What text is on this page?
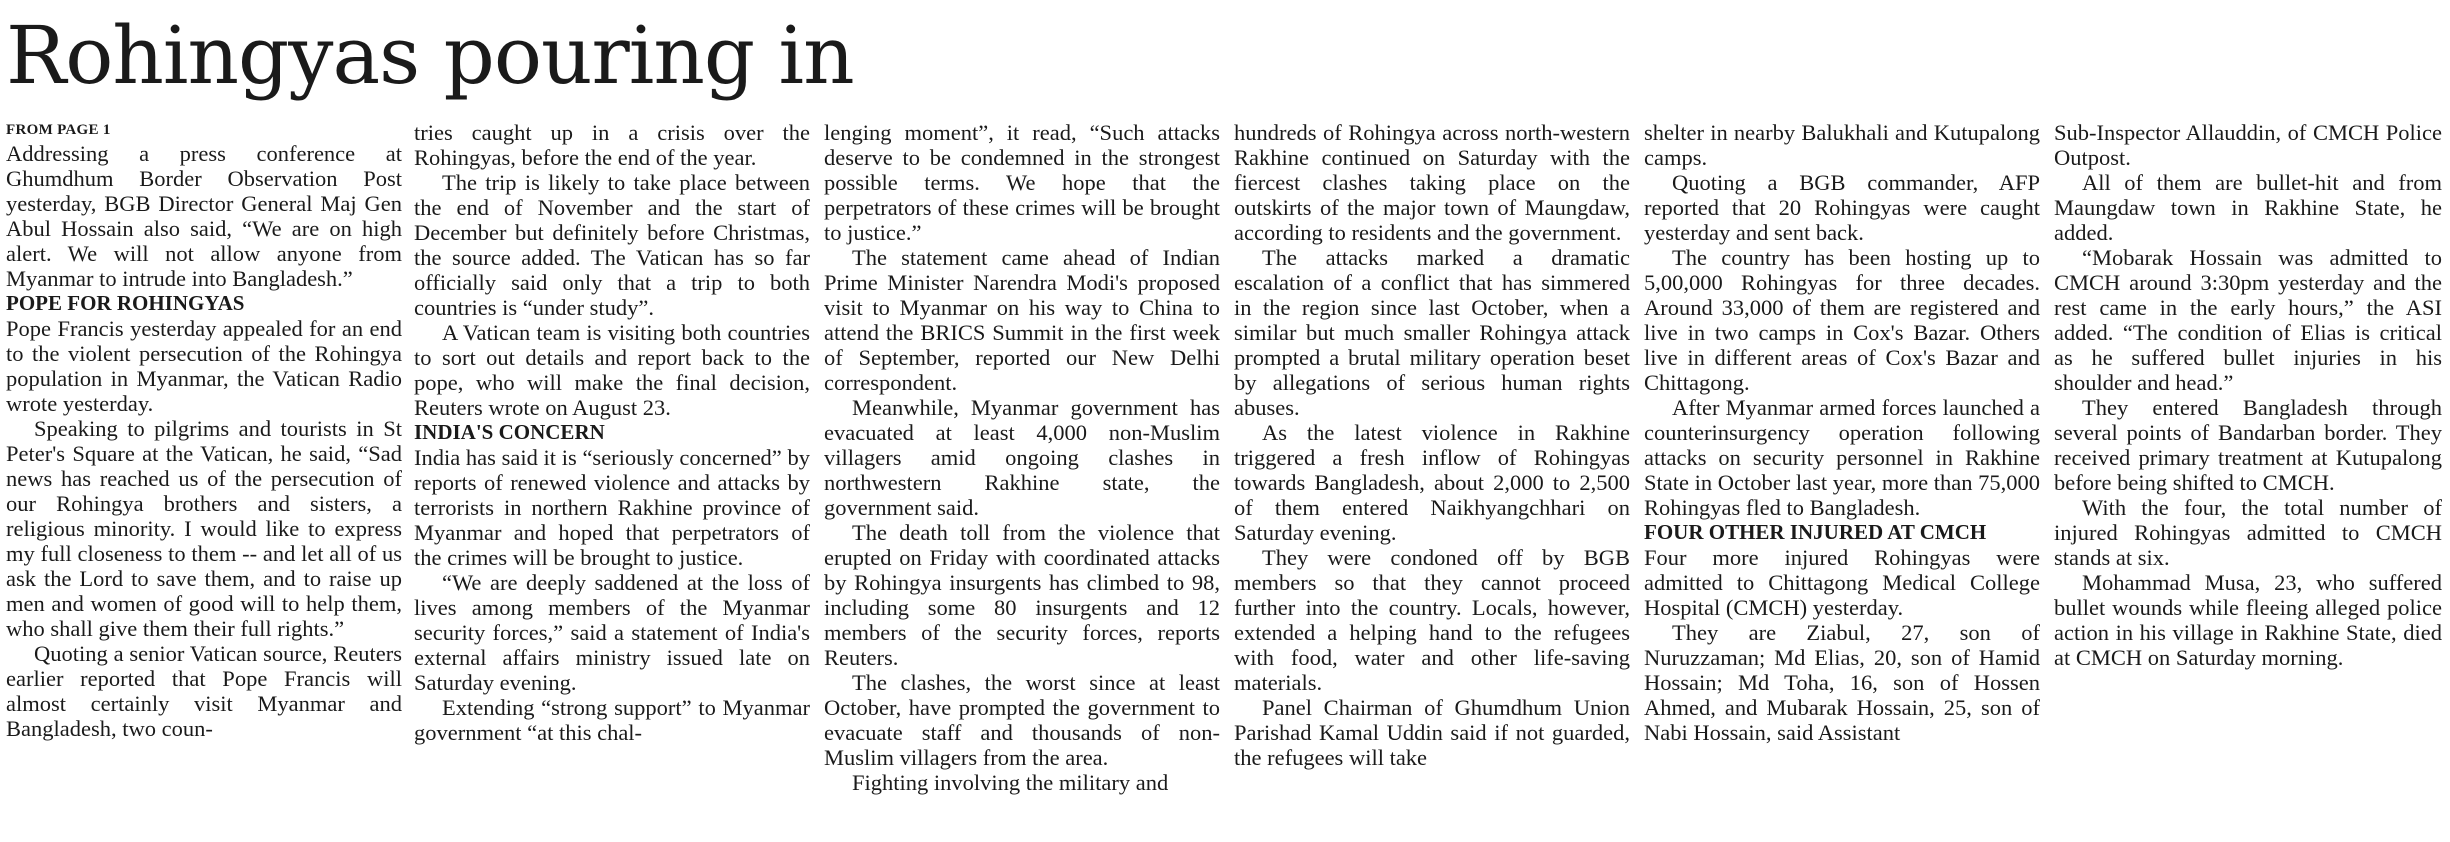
Rohingyas pouring in
FROM PAGE 1

Addressing a press conference at Ghumdhum Border Observation Post yesterday, BGB Director General Maj Gen Abul Hossain also said, “We are on high alert. We will not allow anyone from Myanmar to intrude into Bangladesh.”

POPE FOR ROHINGYAS

Pope Francis yesterday appealed for an end to the violent persecution of the Rohingya population in Myanmar, the Vatican Radio wrote yesterday.

Speaking to pilgrims and tourists in St Peter's Square at the Vatican, he said, “Sad news has reached us of the persecution of our Rohingya brothers and sisters, a religious minority. I would like to express my full closeness to them -- and let all of us ask the Lord to save them, and to raise up men and women of good will to help them, who shall give them their full rights.”

Quoting a senior Vatican source, Reuters earlier reported that Pope Francis will almost certainly visit Myanmar and Bangladesh, two coun-

tries caught up in a crisis over the Rohingyas, before the end of the year.

The trip is likely to take place between the end of November and the start of December but definitely before Christmas, the source added. The Vatican has so far officially said only that a trip to both countries is “under study”.

A Vatican team is visiting both countries to sort out details and report back to the pope, who will make the final decision, Reuters wrote on August 23.

INDIA'S CONCERN

India has said it is “seriously concerned” by reports of renewed violence and attacks by terrorists in northern Rakhine province of Myanmar and hoped that perpetrators of the crimes will be brought to justice.

“We are deeply saddened at the loss of lives among members of the Myanmar security forces,” said a statement of India's external affairs ministry issued late on Saturday evening.

Extending “strong support” to Myanmar government “at this chal-

lenging moment”, it read, “Such attacks deserve to be condemned in the strongest possible terms. We hope that the perpetrators of these crimes will be brought to justice.”

The statement came ahead of Indian Prime Minister Narendra Modi's proposed visit to Myanmar on his way to China to attend the BRICS Summit in the first week of September, reported our New Delhi correspondent.

Meanwhile, Myanmar government has evacuated at least 4,000 non-Muslim villagers amid ongoing clashes in northwestern Rakhine state, the government said.

The death toll from the violence that erupted on Friday with coordinated attacks by Rohingya insurgents has climbed to 98, including some 80 insurgents and 12 members of the security forces, reports Reuters.

The clashes, the worst since at least October, have prompted the government to evacuate staff and thousands of non-Muslim villagers from the area.

Fighting involving the military and

hundreds of Rohingya across north-western Rakhine continued on Saturday with the fiercest clashes taking place on the outskirts of the major town of Maungdaw, according to residents and the government.

The attacks marked a dramatic escalation of a conflict that has simmered in the region since last October, when a similar but much smaller Rohingya attack prompted a brutal military operation beset by allegations of serious human rights abuses.

As the latest violence in Rakhine triggered a fresh inflow of Rohingyas towards Bangladesh, about 2,000 to 2,500 of them entered Naikhyangchhari on Saturday evening.

They were condoned off by BGB members so that they cannot proceed further into the country. Locals, however, extended a helping hand to the refugees with food, water and other life-saving materials.

Panel Chairman of Ghumdhum Union Parishad Kamal Uddin said if not guarded, the refugees will take

shelter in nearby Balukhali and Kutupalong camps.

Quoting a BGB commander, AFP reported that 20 Rohingyas were caught yesterday and sent back.

The country has been hosting up to 5,00,000 Rohingyas for three decades. Around 33,000 of them are registered and live in two camps in Cox's Bazar. Others live in different areas of Cox's Bazar and Chittagong.

After Myanmar armed forces launched a counterinsurgency operation following attacks on security personnel in Rakhine State in October last year, more than 75,000 Rohingyas fled to Bangladesh.

FOUR OTHER INJURED AT CMCH

Four more injured Rohingyas were admitted to Chittagong Medical College Hospital (CMCH) yesterday.

They are Ziabul, 27, son of Nuruzzaman; Md Elias, 20, son of Hamid Hossain; Md Toha, 16, son of Hossen Ahmed, and Mubarak Hossain, 25, son of Nabi Hossain, said Assistant

Sub-Inspector Allauddin, of CMCH Police Outpost.

All of them are bullet-hit and from Maungdaw town in Rakhine State, he added.

“Mobarak Hossain was admitted to CMCH around 3:30pm yesterday and the rest came in the early hours,” the ASI added. “The condition of Elias is critical as he suffered bullet injuries in his shoulder and head.”

They entered Bangladesh through several points of Bandarban border. They received primary treatment at Kutupalong before being shifted to CMCH.

With the four, the total number of injured Rohingyas admitted to CMCH stands at six.

Mohammad Musa, 23, who suffered bullet wounds while fleeing alleged police action in his village in Rakhine State, died at CMCH on Saturday morning.
